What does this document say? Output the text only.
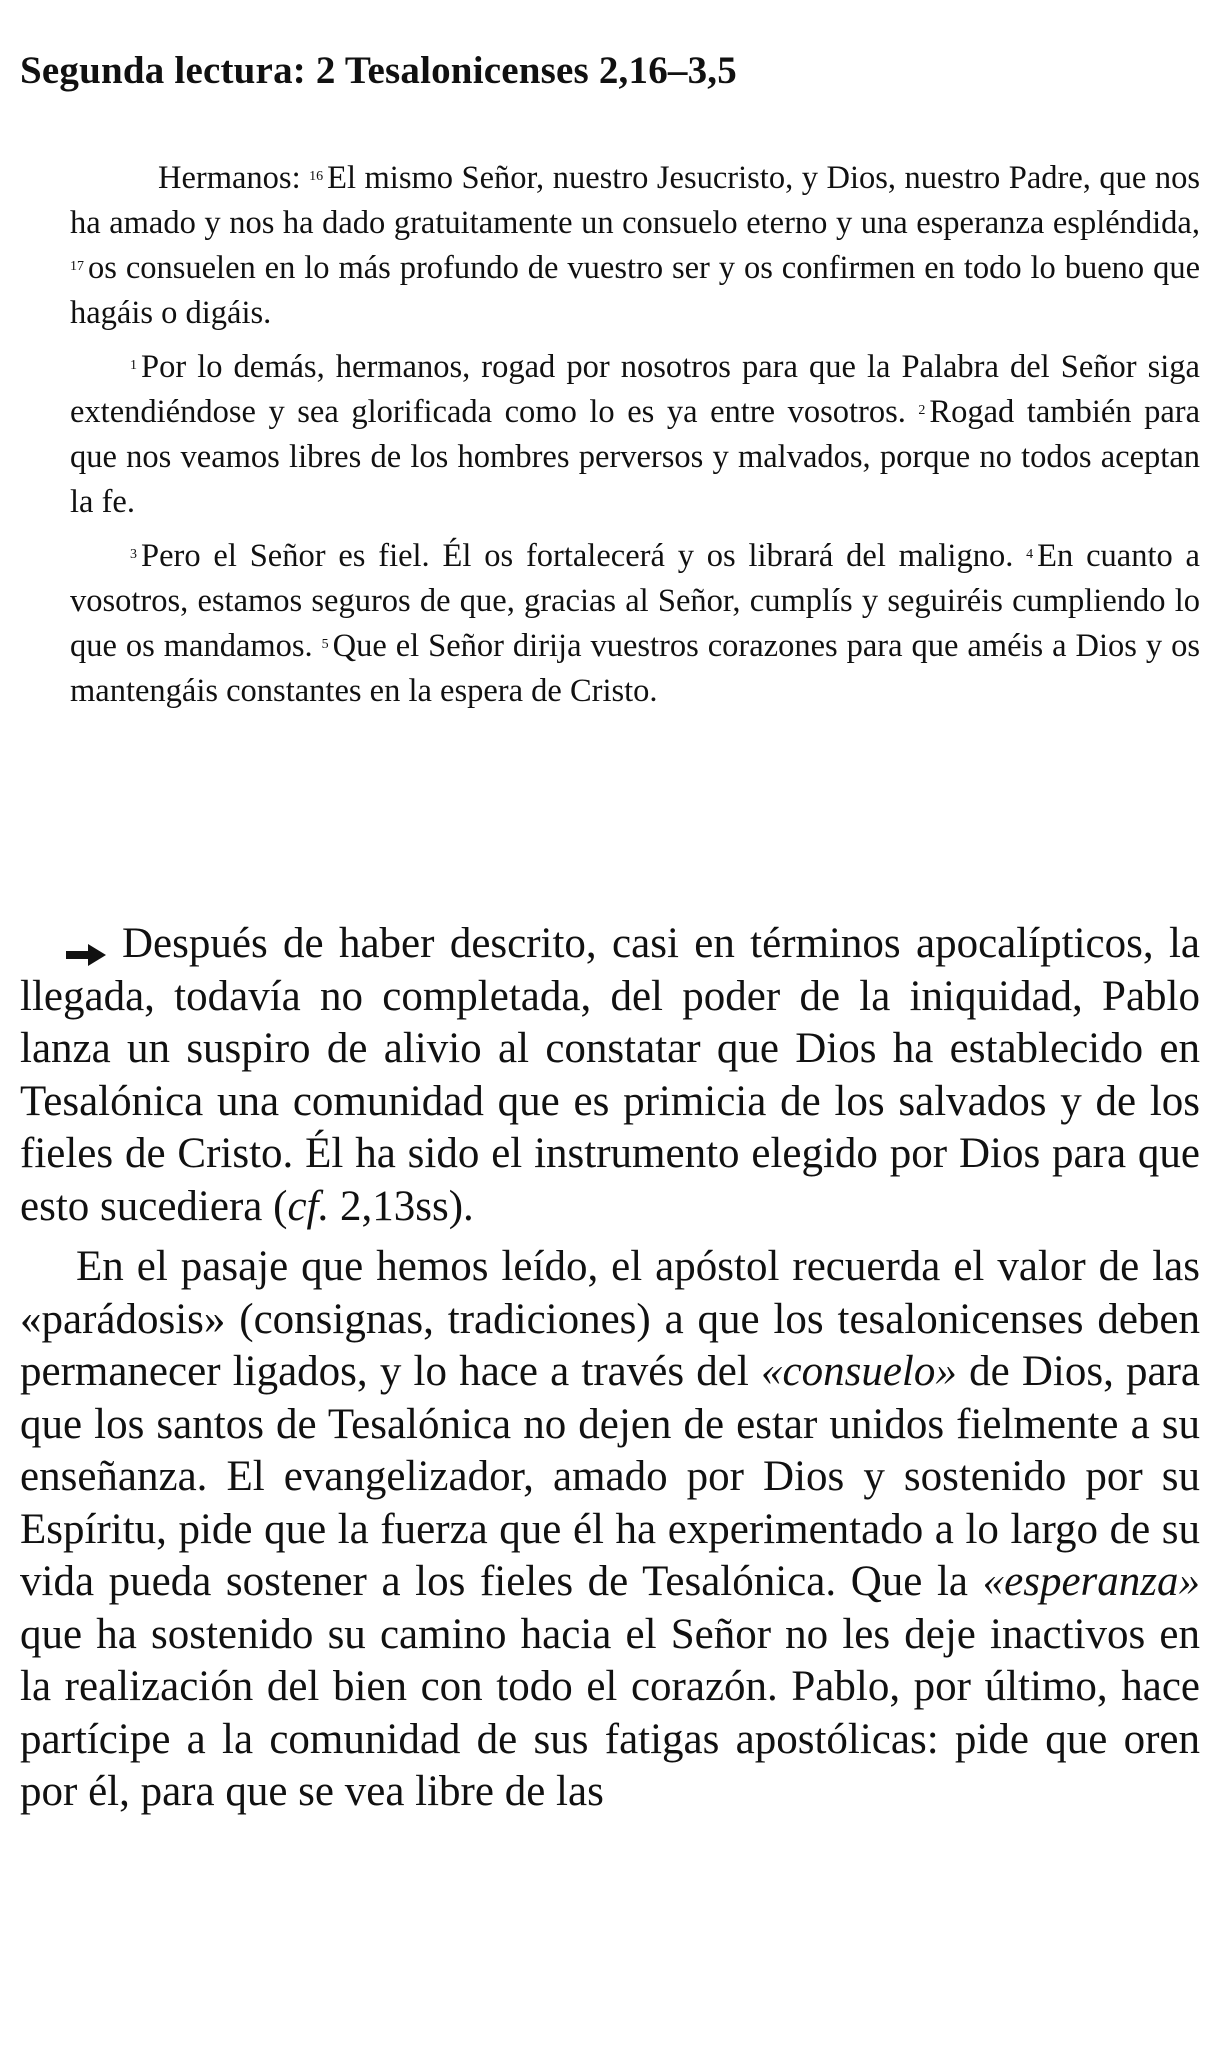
Segunda lectura: 2 Tesalonicenses 2,16–3,5

Hermanos: $^{16}$ El mismo Señor, nuestro Jesucristo, y Dios, nuestro Padre, que nos ha amado y nos ha dado gratuitamente un consuelo eterno y una esperanza espléndida, $^{17}$ os consuelen en lo más profundo de vuestro ser y os confirmen en todo lo bueno que hagáis o digáis.

$^1$ Por lo demás, hermanos, rogad por nosotros para que la Palabra del Señor siga extendiéndose y sea glorificada como lo es ya entre vosotros. $^2$ Rogad también para que nos veamos libres de los hombres perversos y malvados, porque no todos aceptan la fe.

$^3$ Pero el Señor es fiel. Él os fortalecerá y os librará del maligno. $^4$ En cuanto a vosotros, estamos seguros de que, gracias al Señor, cumplís y seguiréis cumpliendo lo que os mandamos. $^5$ Que el Señor dirija vuestros corazones para que améis a Dios y os mantengáis constantes en la espera de Cristo.

Después de haber descrito, casi en términos apocalípticos, la llegada, todavía no completada, del poder de la iniquidad, Pablo lanza un suspiro de alivio al constatar que Dios ha establecido en Tesalónica una comunidad que es primicia de los salvados y de los fieles de Cristo. Él ha sido el instrumento elegido por Dios para que esto sucediera (cf. 2,13ss).

En el pasaje que hemos leído, el apóstol recuerda el valor de las «parádosis» (consignas, tradiciones) a que los tesalonicenses deben permanecer ligados, y lo hace a través del «consuelo» de Dios, para que los santos de Tesalónica no dejen de estar unidos fielmente a su enseñanza. El evangelizador, amado por Dios y sostenido por su Espíritu, pide que la fuerza que él ha experimentado a lo largo de su vida pueda sostener a los fieles de Tesalónica. Que la «esperanza» que ha sostenido su camino hacia el Señor no les deje inactivos en la realización del bien con todo el corazón. Pablo, por último, hace partícipe a la comunidad de sus fatigas apostólicas: pide que oren por él, para que se vea libre de las
